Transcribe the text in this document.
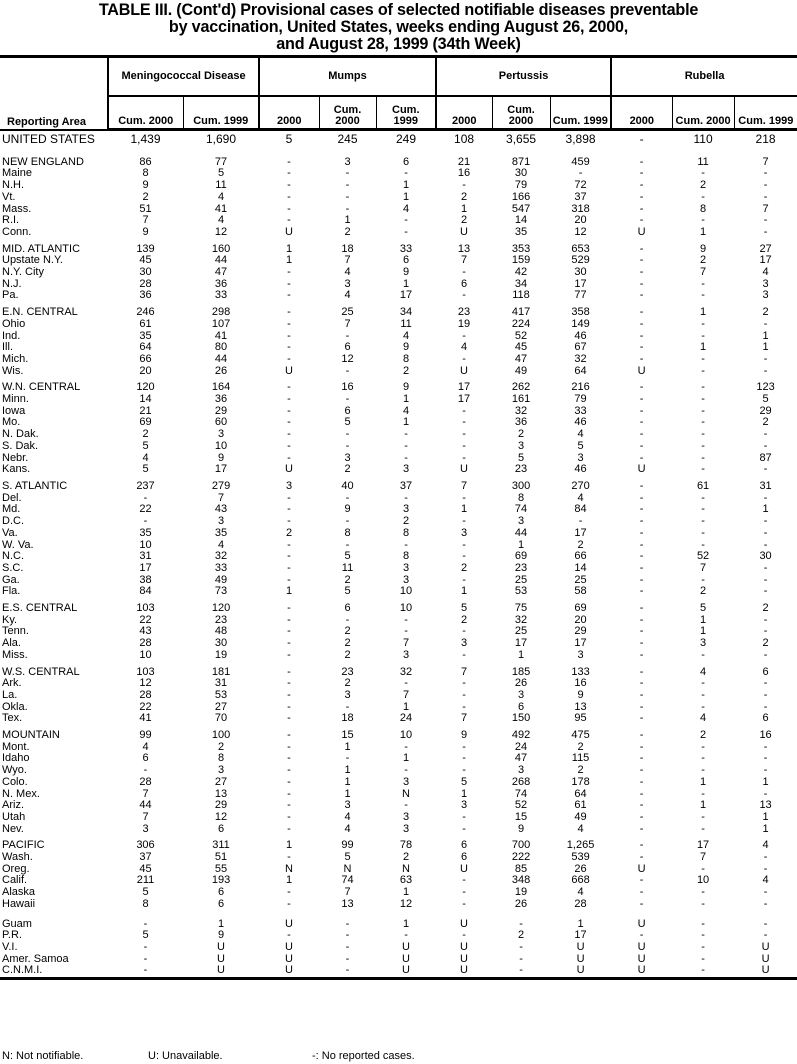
TABLE III. (Cont'd) Provisional cases of selected notifiable diseases preventable
by vaccination, United States, weeks ending August 26, 2000,
and August 28, 1999 (34th Week)
Reporting Area	Meningococcal Disease		Mumps			Pertussis			Rubella		
	Cum. 2000	Cum. 1999	2000	Cum. 2000	Cum. 1999	2000	Cum. 2000	Cum. 1999	2000	Cum. 2000	Cum. 1999
UNITED STATES	1,439	1,690	5	245	249	108	3,655	3,898	-	110	218
NEW ENGLAND	86	77	-	3	6	21	871	459	-	11	7
Maine	8	5	-	-	-	16	30	-	-	-	-
N.H.	9	11	-	-	1	-	79	72	-	2	-
Vt.	2	4	-	-	1	2	166	37	-	-	-
Mass.	51	41	-	-	4	1	547	318	-	8	7
R.I.	7	4	-	1	-	2	14	20	-	-	-
Conn.	9	12	U	2	-	U	35	12	U	1	-
MID. ATLANTIC	139	160	1	18	33	13	353	653	-	9	27
Upstate N.Y.	45	44	1	7	6	7	159	529	-	2	17
N.Y. City	30	47	-	4	9	-	42	30	-	7	4
N.J.	28	36	-	3	1	6	34	17	-	-	3
Pa.	36	33	-	4	17	-	118	77	-	-	3
E.N. CENTRAL	246	298	-	25	34	23	417	358	-	1	2
Ohio	61	107	-	7	11	19	224	149	-	-	-
Ind.	35	41	-	-	4	-	52	46	-	-	1
Ill.	64	80	-	6	9	4	45	67	-	1	1
Mich.	66	44	-	12	8	-	47	32	-	-	-
Wis.	20	26	U	-	2	U	49	64	U	-	-
W.N. CENTRAL	120	164	-	16	9	17	262	216	-	-	123
Minn.	14	36	-	-	1	17	161	79	-	-	5
Iowa	21	29	-	6	4	-	32	33	-	-	29
Mo.	69	60	-	5	1	-	36	46	-	-	2
N. Dak.	2	3	-	-	-	-	2	4	-	-	-
S. Dak.	5	10	-	-	-	-	3	5	-	-	-
Nebr.	4	9	-	3	-	-	5	3	-	-	87
Kans.	5	17	U	2	3	U	23	46	U	-	-
S. ATLANTIC	237	279	3	40	37	7	300	270	-	61	31
Del.	-	7	-	-	-	-	8	4	-	-	-
Md.	22	43	-	9	3	1	74	84	-	-	1
D.C.	-	3	-	-	2	-	3	-	-	-	-
Va.	35	35	2	8	8	3	44	17	-	-	-
W. Va.	10	4	-	-	-	-	1	2	-	-	-
N.C.	31	32	-	5	8	-	69	66	-	52	30
S.C.	17	33	-	11	3	2	23	14	-	7	-
Ga.	38	49	-	2	3	-	25	25	-	-	-
Fla.	84	73	1	5	10	1	53	58	-	2	-
E.S. CENTRAL	103	120	-	6	10	5	75	69	-	5	2
Ky.	22	23	-	-	-	2	32	20	-	1	-
Tenn.	43	48	-	2	-	-	25	29	-	1	-
Ala.	28	30	-	2	7	3	17	17	-	3	2
Miss.	10	19	-	2	3	-	1	3	-	-	-
W.S. CENTRAL	103	181	-	23	32	7	185	133	-	4	6
Ark.	12	31	-	2	-	-	26	16	-	-	-
La.	28	53	-	3	7	-	3	9	-	-	-
Okla.	22	27	-	-	1	-	6	13	-	-	-
Tex.	41	70	-	18	24	7	150	95	-	4	6
MOUNTAIN	99	100	-	15	10	9	492	475	-	2	16
Mont.	4	2	-	1	-	-	24	2	-	-	-
Idaho	6	8	-	-	1	-	47	115	-	-	-
Wyo.	-	3	-	1	-	-	3	2	-	-	-
Colo.	28	27	-	1	3	5	268	178	-	1	1
N. Mex.	7	13	-	1	N	1	74	64	-	-	-
Ariz.	44	29	-	3	-	3	52	61	-	1	13
Utah	7	12	-	4	3	-	15	49	-	-	1
Nev.	3	6	-	4	3	-	9	4	-	-	1
PACIFIC	306	311	1	99	78	6	700	1,265	-	17	4
Wash.	37	51	-	5	2	6	222	539	-	7	-
Oreg.	45	55	N	N	N	U	85	26	U	-	-
Calif.	211	193	1	74	63	-	348	668	-	10	4
Alaska	5	6	-	7	1	-	19	4	-	-	-
Hawaii	8	6	-	13	12	-	26	28	-	-	-
Guam	-	1	U	-	1	U	-	1	U	-	-
P.R.	5	9	-	-	-	-	2	17	-	-	-
V.I.	-	U	U	-	U	U	-	U	U	-	U
Amer. Samoa	-	U	U	-	U	U	-	U	U	-	U
C.N.M.I.	-	U	U	-	U	U	-	U	U	-	U
N: Not notifiable.	U: Unavailable.	-: No reported cases.
